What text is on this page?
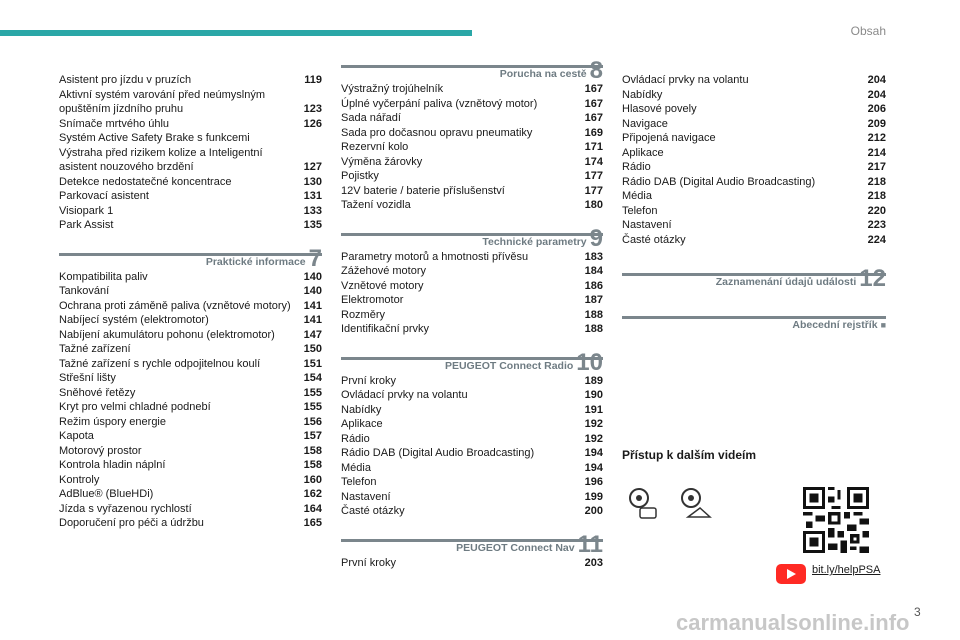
Obsah
Asistent pro jízdu v pruzích	119
Aktivní systém varování před neúmyslným opuštěním jízdního pruhu	123
Snímače mrtvého úhlu	126
Systém Active Safety Brake s funkcemi Výstraha před rizikem kolize a Inteligentní asistent nouzového brzdění	127
Detekce nedostatečné koncentrace	130
Parkovací asistent	131
Visiopark 1	133
Park Assist	135
Praktické informace 7
Kompatibilita paliv	140
Tankování	140
Ochrana proti záměně paliva (vznětové motory)	141
Nabíjecí systém (elektromotor)	141
Nabíjení akumulátoru pohonu (elektromotor)	147
Tažné zařízení	150
Tažné zařízení s rychle odpojitelnou koulí	151
Střešní lišty	154
Sněhové řetězy	155
Kryt pro velmi chladné podnebí	155
Režim úspory energie	156
Kapota	157
Motorový prostor	158
Kontrola hladin náplní	158
Kontroly	160
AdBlue® (BlueHDi)	162
Jízda s vyřazenou rychlostí	164
Doporučení pro péči a údržbu	165
Porucha na cestě 8
Výstražný trojúhelník	167
Úplné vyčerpání paliva (vznětový motor)	167
Sada nářadí	167
Sada pro dočasnou opravu pneumatiky	169
Rezervní kolo	171
Výměna žárovky	174
Pojistky	177
12V baterie / baterie příslušenství	177
Tažení vozidla	180
Technické parametry 9
Parametry motorů a hmotnosti přívěsu	183
Zážehové motory	184
Vznětové motory	186
Elektromotor	187
Rozměry	188
Identifikační prvky	188
PEUGEOT Connect Radio 10
První kroky	189
Ovládací prvky na volantu	190
Nabídky	191
Aplikace	192
Rádio	192
Rádio DAB (Digital Audio Broadcasting)	194
Média	194
Telefon	196
Nastavení	199
Časté otázky	200
PEUGEOT Connect Nav 11
První kroky	203
Ovládací prvky na volantu	204
Nabídky	204
Hlasové povely	206
Navigace	209
Připojená navigace	212
Aplikace	214
Rádio	217
Rádio DAB (Digital Audio Broadcasting)	218
Média	218
Telefon	220
Nastavení	223
Časté otázky	224
Zaznamenání údajů události 12
Abecední rejstřík ■
Přístup k dalším videím
bit.ly/helpPSA
3
carmanualsonline.info
